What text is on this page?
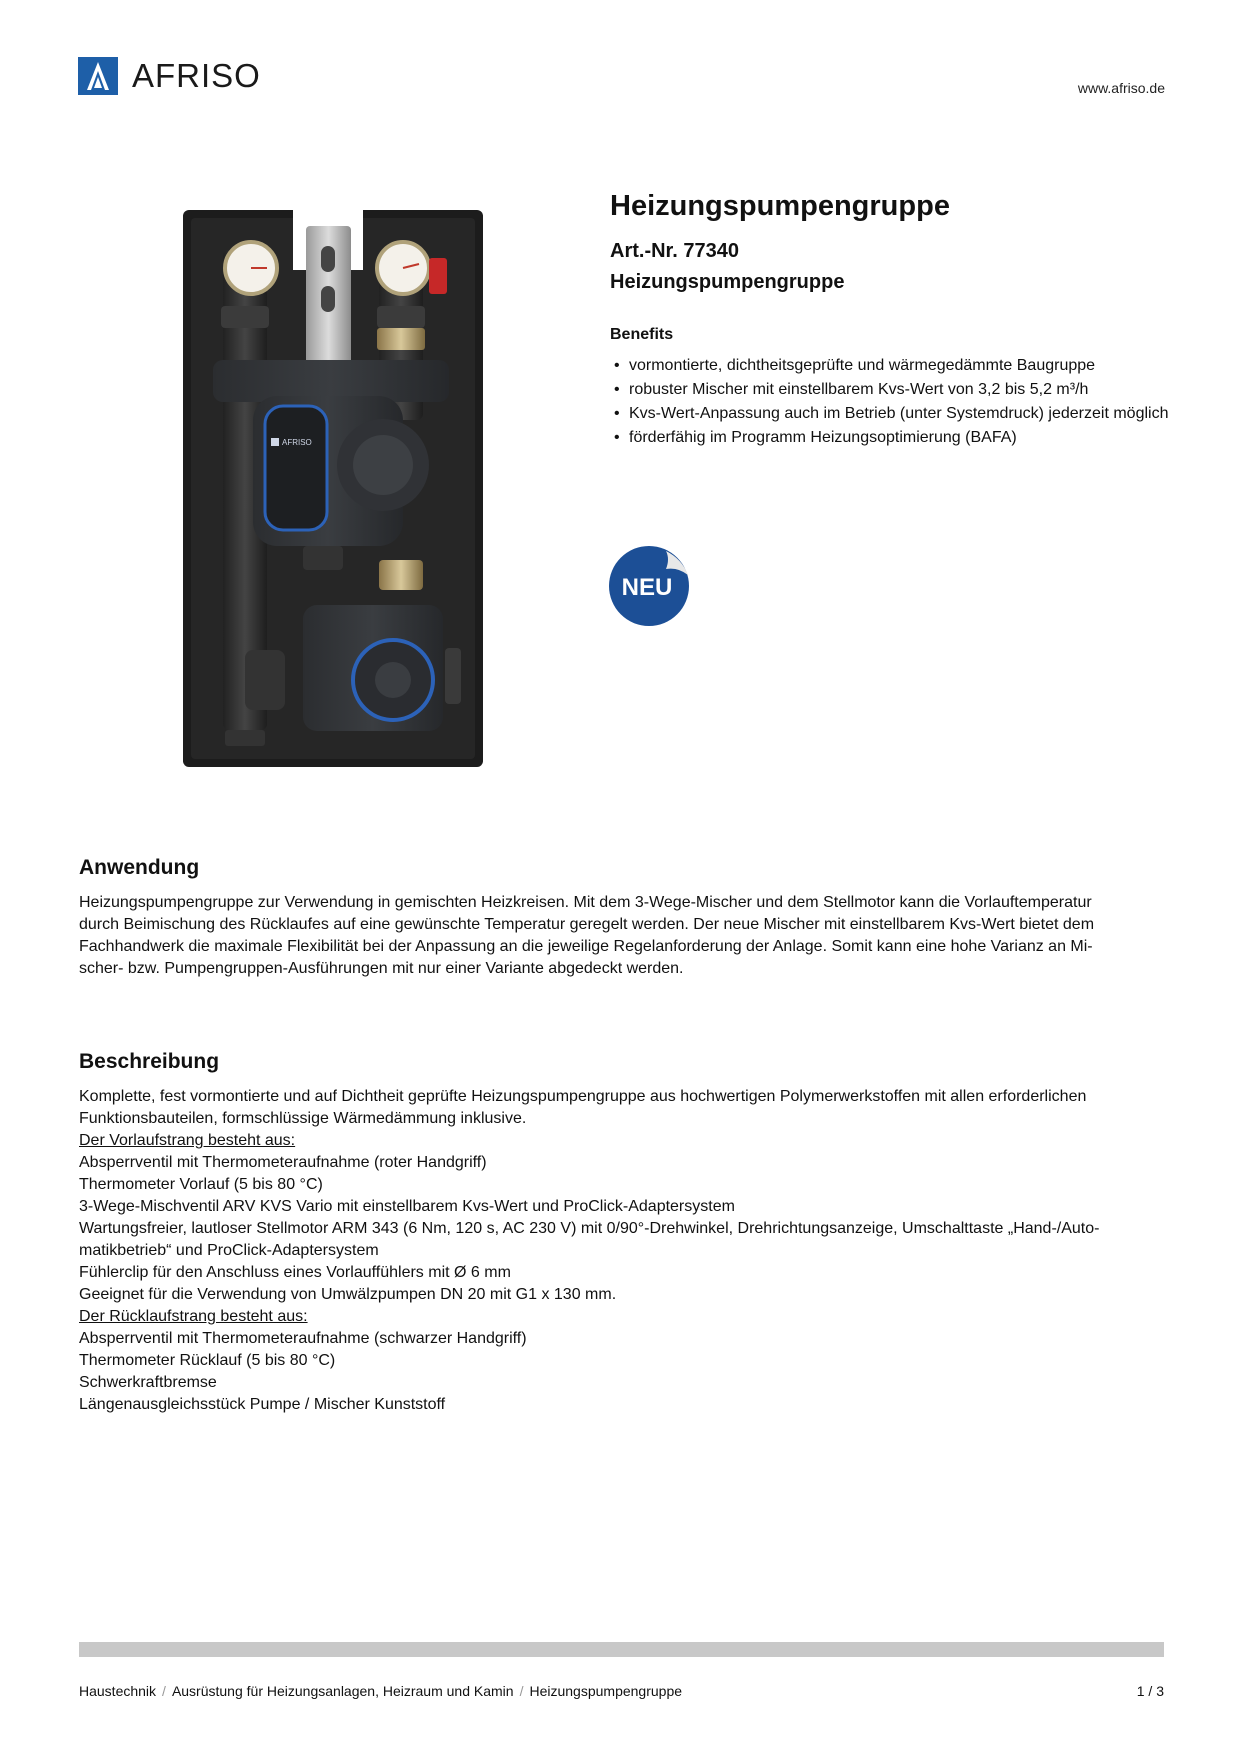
AFRISO	www.afriso.de
AFRISO
Heizungspumpengruppe
Art.-Nr. 77340
Heizungspumpengruppe
Benefits
• vormontierte, dichtheitsgeprüfte und wärmegedämmte Baugruppe
• robuster Mischer mit einstellbarem Kvs-Wert von 3,2 bis 5,2 m³/h
• Kvs-Wert-Anpassung auch im Betrieb (unter Systemdruck) jederzeit möglich
• förderfähig im Programm Heizungsoptimierung (BAFA)
NEU
Anwendung
Heizungspumpengruppe zur Verwendung in gemischten Heizkreisen. Mit dem 3-Wege-Mischer und dem Stellmotor kann die Vorlauftemperatur
durch Beimischung des Rücklaufes auf eine gewünschte Temperatur geregelt werden. Der neue Mischer mit einstellbarem Kvs-Wert bietet dem
Fachhandwerk die maximale Flexibilität bei der Anpassung an die jeweilige Regelanforderung der Anlage. Somit kann eine hohe Varianz an Mi-
scher- bzw. Pumpengruppen-Ausführungen mit nur einer Variante abgedeckt werden.
Beschreibung
Komplette, fest vormontierte und auf Dichtheit geprüfte Heizungspumpengruppe aus hochwertigen Polymerwerkstoffen mit allen erforderlichen
Funktionsbauteilen, formschlüssige Wärmedämmung inklusive.
Der Vorlaufstrang besteht aus:
Absperrventil mit Thermometeraufnahme (roter Handgriff)
Thermometer Vorlauf (5 bis 80 °C)
3-Wege-Mischventil ARV KVS Vario mit einstellbarem Kvs-Wert und ProClick-Adaptersystem
Wartungsfreier, lautloser Stellmotor ARM 343 (6 Nm, 120 s, AC 230 V) mit 0/90°-Drehwinkel, Drehrichtungsanzeige, Umschalttaste „Hand-/Auto-
matikbetrieb“ und ProClick-Adaptersystem
Fühlerclip für den Anschluss eines Vorlauffühlers mit Ø 6 mm
Geeignet für die Verwendung von Umwälzpumpen DN 20 mit G1 x 130 mm.
Der Rücklaufstrang besteht aus:
Absperrventil mit Thermometeraufnahme (schwarzer Handgriff)
Thermometer Rücklauf (5 bis 80 °C)
Schwerkraftbremse
Längenausgleichsstück Pumpe / Mischer Kunststoff
Haustechnik / Ausrüstung für Heizungsanlagen, Heizraum und Kamin / Heizungspumpengruppe	1 / 3
